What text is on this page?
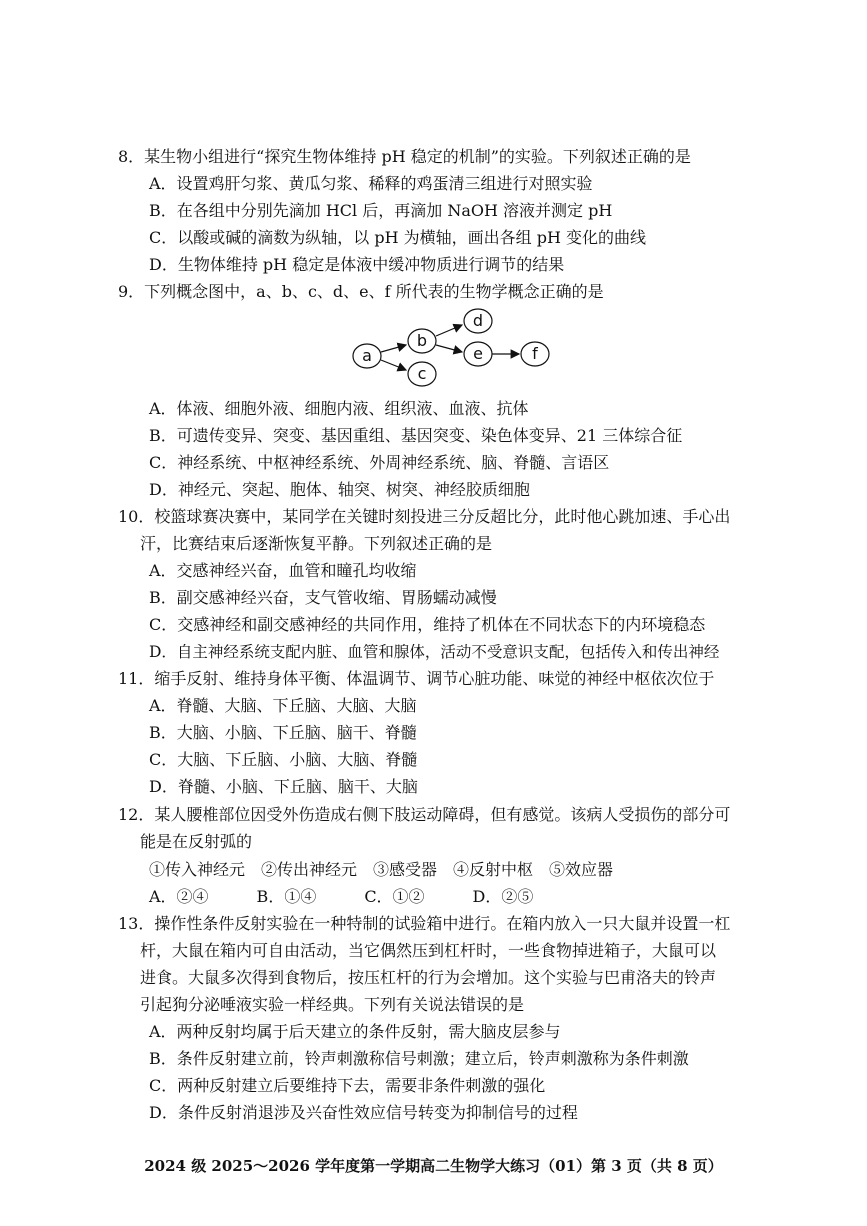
8．某生物小组进行“探究生物体维持 pH 稳定的机制”的实验。下列叙述正确的是
A．设置鸡肝匀浆、黄瓜匀浆、稀释的鸡蛋清三组进行对照实验
B．在各组中分别先滴加 HCl 后，再滴加 NaOH 溶液并测定 pH
C．以酸或碱的滴数为纵轴，以 pH 为横轴，画出各组 pH 变化的曲线
D．生物体维持 pH 稳定是体液中缓冲物质进行调节的结果
9．下列概念图中，a、b、c、d、e、f 所代表的生物学概念正确的是
a
b
c
d
e	f
A．体液、细胞外液、细胞内液、组织液、血液、抗体
B．可遗传变异、突变、基因重组、基因突变、染色体变异、21 三体综合征
C．神经系统、中枢神经系统、外周神经系统、脑、脊髓、言语区
D．神经元、突起、胞体、轴突、树突、神经胶质细胞
10．校篮球赛决赛中，某同学在关键时刻投进三分反超比分，此时他心跳加速、手心出
汗，比赛结束后逐渐恢复平静。下列叙述正确的是
A．交感神经兴奋，血管和瞳孔均收缩
B．副交感神经兴奋，支气管收缩、胃肠蠕动减慢
C．交感神经和副交感神经的共同作用，维持了机体在不同状态下的内环境稳态
D．自主神经系统支配内脏、血管和腺体，活动不受意识支配，包括传入和传出神经
11．缩手反射、维持身体平衡、体温调节、调节心脏功能、味觉的神经中枢依次位于
A．脊髓、大脑、下丘脑、大脑、大脑
B．大脑、小脑、下丘脑、脑干、脊髓
C．大脑、下丘脑、小脑、大脑、脊髓
D．脊髓、小脑、下丘脑、脑干、大脑
12．某人腰椎部位因受外伤造成右侧下肢运动障碍，但有感觉。该病人受损伤的部分可
能是在反射弧的
①传入神经元　②传出神经元　③感受器　④反射中枢　⑤效应器
A．②④　　　B．①④　　　C．①②　　　D．②⑤
13．操作性条件反射实验在一种特制的试验箱中进行。在箱内放入一只大鼠并设置一杠
杆，大鼠在箱内可自由活动，当它偶然压到杠杆时，一些食物掉进箱子，大鼠可以
进食。大鼠多次得到食物后，按压杠杆的行为会增加。这个实验与巴甫洛夫的铃声
引起狗分泌唾液实验一样经典。下列有关说法错误的是
A．两种反射均属于后天建立的条件反射，需大脑皮层参与
B．条件反射建立前，铃声刺激称信号刺激；建立后，铃声刺激称为条件刺激
C．两种反射建立后要维持下去，需要非条件刺激的强化
D．条件反射消退涉及兴奋性效应信号转变为抑制信号的过程
2024 级 2025～2026 学年度第一学期高二生物学大练习（01）第 3 页（共 8 页）
